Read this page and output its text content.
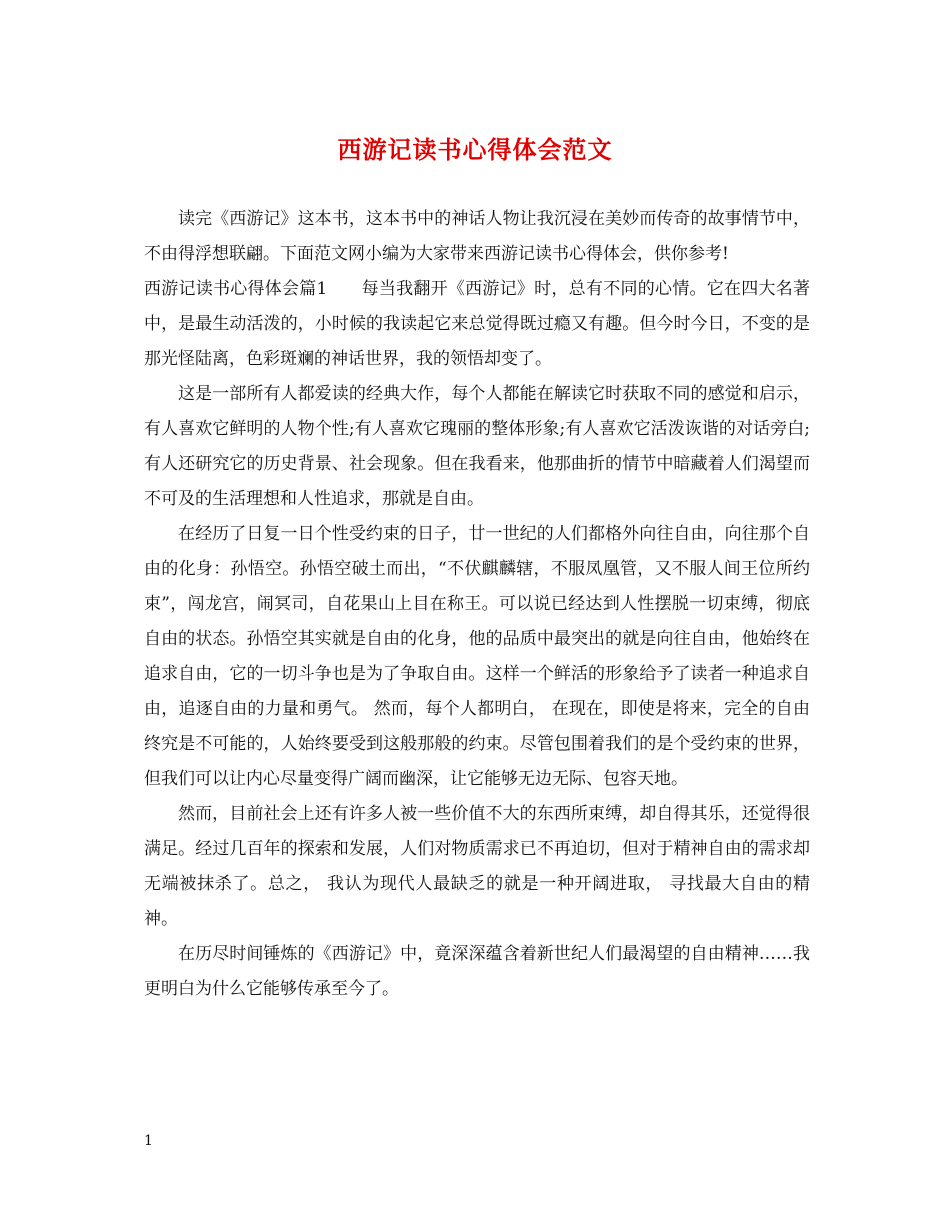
西游记读书心得体会范文

读完《西游记》这本书，这本书中的神话人物让我沉浸在美妙而传奇的故事情节中，不由得浮想联翩。下面范文网小编为大家带来西游记读书心得体会，供你参考!

西游记读书心得体会篇1 每当我翻开《西游记》时，总有不同的心情。它在四大名著中，是最生动活泼的，小时候的我读起它来总觉得既过瘾又有趣。但今时今日，不变的是那光怪陆离，色彩斑斓的神话世界，我的领悟却变了。

这是一部所有人都爱读的经典大作，每个人都能在解读它时获取不同的感觉和启示，有人喜欢它鲜明的人物个性;有人喜欢它瑰丽的整体形象;有人喜欢它活泼诙谐的对话旁白;有人还研究它的历史背景、社会现象。但在我看来，他那曲折的情节中暗藏着人们渴望而不可及的生活理想和人性追求，那就是自由。

在经历了日复一日个性受约束的日子，廿一世纪的人们都格外向往自由，向往那个自由的化身：孙悟空。孙悟空破土而出，“不伏麒麟辖，不服凤凰管，又不服人间王位所约束”，闯龙宫，闹冥司，自花果山上目在称王。可以说已经达到人性摆脱一切束缚，彻底自由的状态。孙悟空其实就是自由的化身，他的品质中最突出的就是向往自由，他始终在追求自由，它的一切斗争也是为了争取自由。这样一个鲜活的形象给予了读者一种追求自由，追逐自由的力量和勇气。 然而，每个人都明白， 在现在，即使是将来，完全的自由终究是不可能的，人始终要受到这般那般的约束。尽管包围着我们的是个受约束的世界，但我们可以让内心尽量变得广阔而幽深，让它能够无边无际、包容天地。

然而，目前社会上还有许多人被一些价值不大的东西所束缚，却自得其乐，还觉得很满足。经过几百年的探索和发展，人们对物质需求已不再迫切，但对于精神自由的需求却无端被抹杀了。总之， 我认为现代人最缺乏的就是一种开阔进取， 寻找最大自由的精神。

在历尽时间锤炼的《西游记》中，竟深深蕴含着新世纪人们最渴望的自由精神……我更明白为什么它能够传承至今了。

1
